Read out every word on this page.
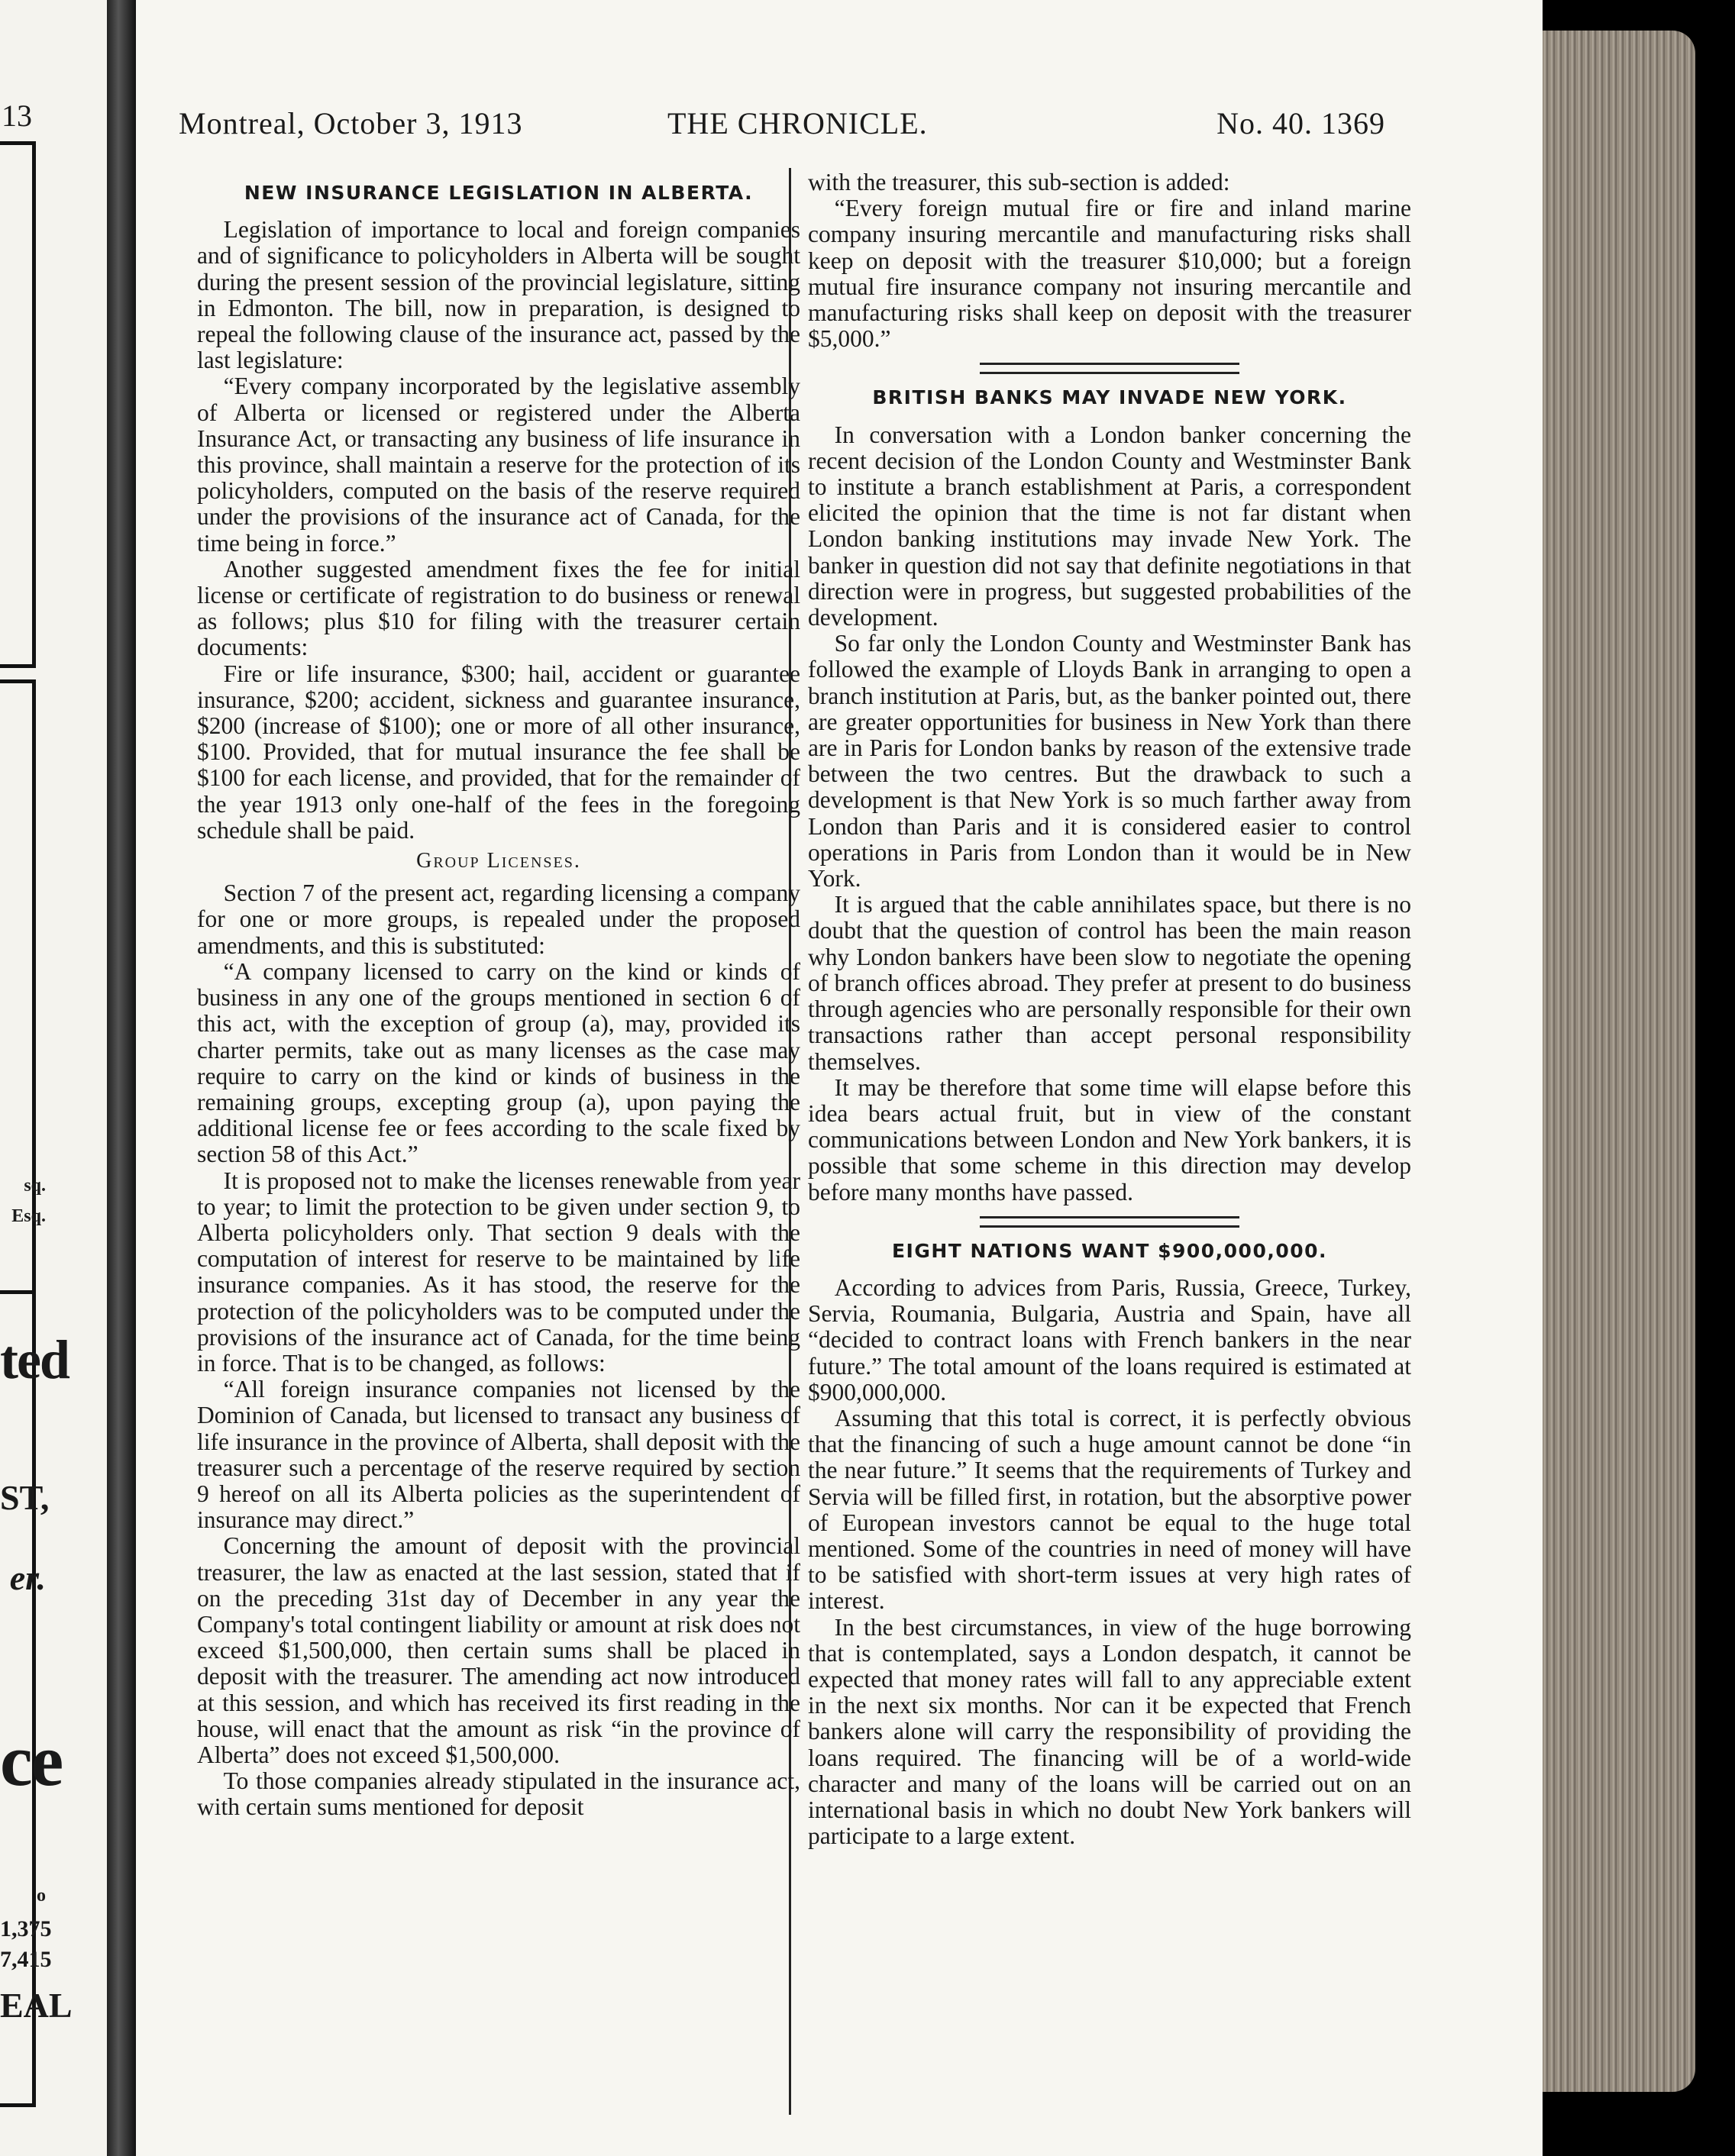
13
sq.
Esq.
ted
ST,
er.
ce
o
1,375
7,415
EAL
Montreal, October 3, 1913	THE CHRONICLE.	No. 40. 1369
NEW INSURANCE LEGISLATION IN ALBERTA.

Legislation of importance to local and foreign companies and of significance to policyholders in Alberta will be sought during the present session of the provincial legislature, sitting in Edmonton. The bill, now in preparation, is designed to repeal the following clause of the insurance act, passed by the last legislature:

“Every company incorporated by the legislative assembly of Alberta or licensed or registered under the Alberta Insurance Act, or transacting any business of life insurance in this province, shall maintain a reserve for the protection of its policyholders, computed on the basis of the reserve required under the provisions of the insurance act of Canada, for the time being in force.”

Another suggested amendment fixes the fee for initial license or certificate of registration to do business or renewal as follows; plus $10 for filing with the treasurer certain documents:

Fire or life insurance, $300; hail, accident or guarantee insurance, $200; accident, sickness and guarantee insurance, $200 (increase of $100); one or more of all other insurance, $100. Provided, that for mutual insurance the fee shall be $100 for each license, and provided, that for the remainder of the year 1913 only one-half of the fees in the foregoing schedule shall be paid.

Group Licenses.

Section 7 of the present act, regarding licensing a company for one or more groups, is repealed under the proposed amendments, and this is substituted:

“A company licensed to carry on the kind or kinds of business in any one of the groups mentioned in section 6 of this act, with the exception of group (a), may, provided its charter permits, take out as many licenses as the case may require to carry on the kind or kinds of business in the remaining groups, excepting group (a), upon paying the additional license fee or fees according to the scale fixed by section 58 of this Act.”

It is proposed not to make the licenses renewable from year to year; to limit the protection to be given under section 9, to Alberta policyholders only. That section 9 deals with the computation of interest for reserve to be maintained by life insurance companies. As it has stood, the reserve for the protection of the policyholders was to be computed under the provisions of the insurance act of Canada, for the time being in force. That is to be changed, as follows:

“All foreign insurance companies not licensed by the Dominion of Canada, but licensed to transact any business of life insurance in the province of Alberta, shall deposit with the treasurer such a percentage of the reserve required by section 9 hereof on all its Alberta policies as the superintendent of insurance may direct.”

Concerning the amount of deposit with the provincial treasurer, the law as enacted at the last session, stated that if on the preceding 31st day of December in any year the Company's total contingent liability or amount at risk does not exceed $1,500,000, then certain sums shall be placed in deposit with the treasurer. The amending act now introduced at this session, and which has received its first reading in the house, will enact that the amount as risk “in the province of Alberta” does not exceed $1,500,000.

To those companies already stipulated in the insurance act, with certain sums mentioned for deposit

with the treasurer, this sub-section is added:

“Every foreign mutual fire or fire and inland marine company insuring mercantile and manufacturing risks shall keep on deposit with the treasurer $10,000; but a foreign mutual fire insurance company not insuring mercantile and manufacturing risks shall keep on deposit with the treasurer $5,000.”

BRITISH BANKS MAY INVADE NEW YORK.

In conversation with a London banker concerning the recent decision of the London County and Westminster Bank to institute a branch establishment at Paris, a correspondent elicited the opinion that the time is not far distant when London banking institutions may invade New York. The banker in question did not say that definite negotiations in that direction were in progress, but suggested probabilities of the development.

So far only the London County and Westminster Bank has followed the example of Lloyds Bank in arranging to open a branch institution at Paris, but, as the banker pointed out, there are greater opportunities for business in New York than there are in Paris for London banks by reason of the extensive trade between the two centres. But the drawback to such a development is that New York is so much farther away from London than Paris and it is considered easier to control operations in Paris from London than it would be in New York.

It is argued that the cable annihilates space, but there is no doubt that the question of control has been the main reason why London bankers have been slow to negotiate the opening of branch offices abroad. They prefer at present to do business through agencies who are personally responsible for their own transactions rather than accept personal responsibility themselves.

It may be therefore that some time will elapse before this idea bears actual fruit, but in view of the constant communications between London and New York bankers, it is possible that some scheme in this direction may develop before many months have passed.

EIGHT NATIONS WANT $900,000,000.

According to advices from Paris, Russia, Greece, Turkey, Servia, Roumania, Bulgaria, Austria and Spain, have all “decided to contract loans with French bankers in the near future.” The total amount of the loans required is estimated at $900,000,000.

Assuming that this total is correct, it is perfectly obvious that the financing of such a huge amount cannot be done “in the near future.” It seems that the requirements of Turkey and Servia will be filled first, in rotation, but the absorptive power of European investors cannot be equal to the huge total mentioned. Some of the countries in need of money will have to be satisfied with short-term issues at very high rates of interest.

In the best circumstances, in view of the huge borrowing that is contemplated, says a London despatch, it cannot be expected that money rates will fall to any appreciable extent in the next six months. Nor can it be expected that French bankers alone will carry the responsibility of providing the loans required. The financing will be of a world-wide character and many of the loans will be carried out on an international basis in which no doubt New York bankers will participate to a large extent.
